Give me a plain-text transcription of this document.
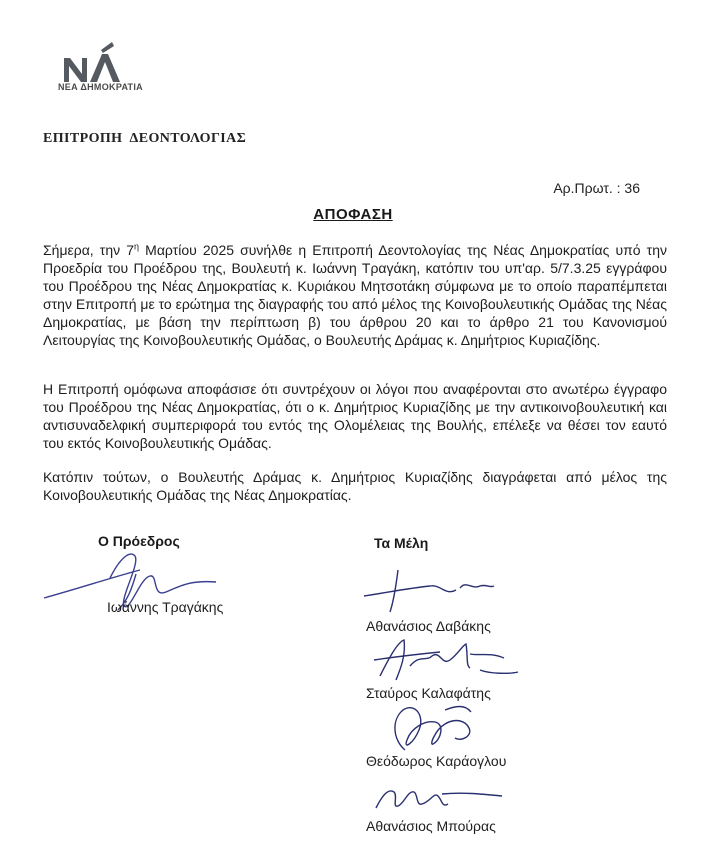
ΝΕΑ ΔΗΜΟΚΡΑΤΙΑ
ΕΠΙΤΡΟΠΗ ΔΕΟΝΤΟΛΟΓΙΑΣ
Αρ.Πρωτ. : 36
ΑΠΟΦΑΣΗ

Σήμερα, την $7^\eta$ Μαρτίου 2025 συνήλθε η Επιτροπή Δεοντολογίας της Νέας Δημοκρατίας υπό την Προεδρία του Προέδρου της, Βουλευτή κ. Ιωάννη Τραγάκη, κατόπιν του υπ'αρ. 5/7.3.25 εγγράφου του Προέδρου της Νέας Δημοκρατίας κ. Κυριάκου Μητσοτάκη σύμφωνα με το οποίο παραπέμπεται στην Επιτροπή με το ερώτημα της διαγραφής του από μέλος της Κοινοβουλευτικής Ομάδας της Νέας Δημοκρατίας, με βάση την περίπτωση β) του άρθρου 20 και το άρθρο 21 του Κανονισμού Λειτουργίας της Κοινοβουλευτικής Ομάδας, ο Βουλευτής Δράμας κ. Δημήτριος Κυριαζίδης.

Η Επιτροπή ομόφωνα αποφάσισε ότι συντρέχουν οι λόγοι που αναφέρονται στο ανωτέρω έγγραφο του Προέδρου της Νέας Δημοκρατίας, ότι ο κ. Δημήτριος Κυριαζίδης με την αντικοινοβουλευτική και αντισυναδελφική συμπεριφορά του εντός της Ολομέλειας της Βουλής, επέλεξε να θέσει τον εαυτό του εκτός Κοινοβουλευτικής Ομάδας.

Κατόπιν τούτων, ο Βουλευτής Δράμας κ. Δημήτριος Κυριαζίδης διαγράφεται από μέλος της Κοινοβουλευτικής Ομάδας της Νέας Δημοκρατίας.

Ο Πρόεδρος	Τα Μέλη
Ιωάννης Τραγάκης
Αθανάσιος Δαβάκης
Σταύρος Καλαφάτης
Θεόδωρος Καράογλου
Αθανάσιος Μπούρας
